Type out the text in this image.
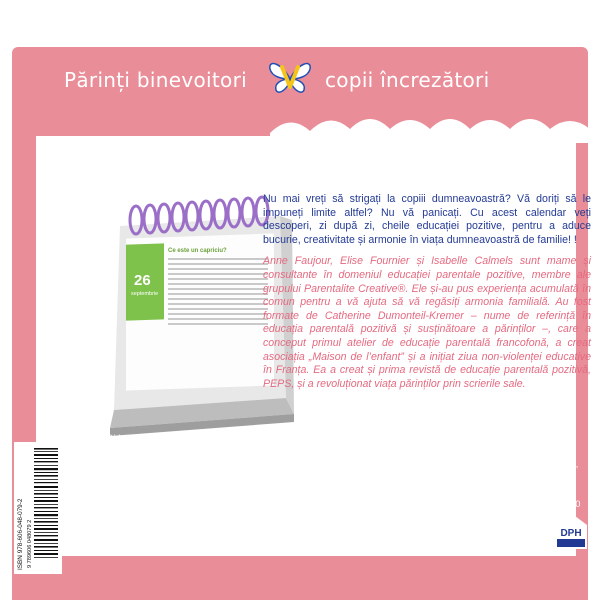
Părinți binevoitori	copii încrezători
Ce este un capriciu?
26
septembrie

Nu mai vreți să strigați la copiii dumneavoastră? Vă doriți să le impuneți limite altfel? Nu vă panicați. Cu acest calendar veți descoperi, zi după zi, cheile educației pozitive, pentru a aduce bucurie, creativitate și armonie în viața dumneavoastră de familie! !

Anne Faujour, Elise Fournier și Isabelle Calmels sunt mame și consultante în domeniul educației parentale pozitive, membre ale grupului Parentalite Creative®. Ele și-au pus experiența acumulată în comun pentru a vă ajuta să vă regăsiți armonia familială. Au fost formate de Catherine Dumonteil-Kremer – nume de referință în educația parentală pozitivă și susținătoare a părinților –, care a conceput primul atelier de educație parentală francofonă, a creat asociația „Maison de l’enfant” și a inițiat ziua non-violenței educative în Franța. Ea a creat și prima revistă de educație parentală pozitivă, PEPS, și a revoluționat viața părinților prin scrierile sale.

ISBN 978-606-048-079-2 9 789606 048079 2
© 2019 Didactica Publishing House
Toate drepturile rezervate pentru
versiunea în limba română.
Nicio parte a acestei lucrări nu poate fi
reprodusă sau stocată fără acordul editurii.
Editor coordonator: Florentina Ion
Traducere: Daniel Voicea
Redactor: Alina Perțea
Corector: Lorina Chițan
DTP: Alina Perțea
Didactica Publishing House
Bdul Splaiul Unirii nr. 16,
Clădirea Muntenia Business Center,
etaj 5, 506, Sector 4, București
Comenzi și informații: telefon/fax:
+40 21 410.88.14; +40 21 410.88.10
e-mail: office@edituradph.ro
www.edituradph.ro
Original title: Cette année, j’arrête de crier avec l’éducation positive 2018-2019,
© First published in French by Editions 365, Paris, France – 2018
DPH
